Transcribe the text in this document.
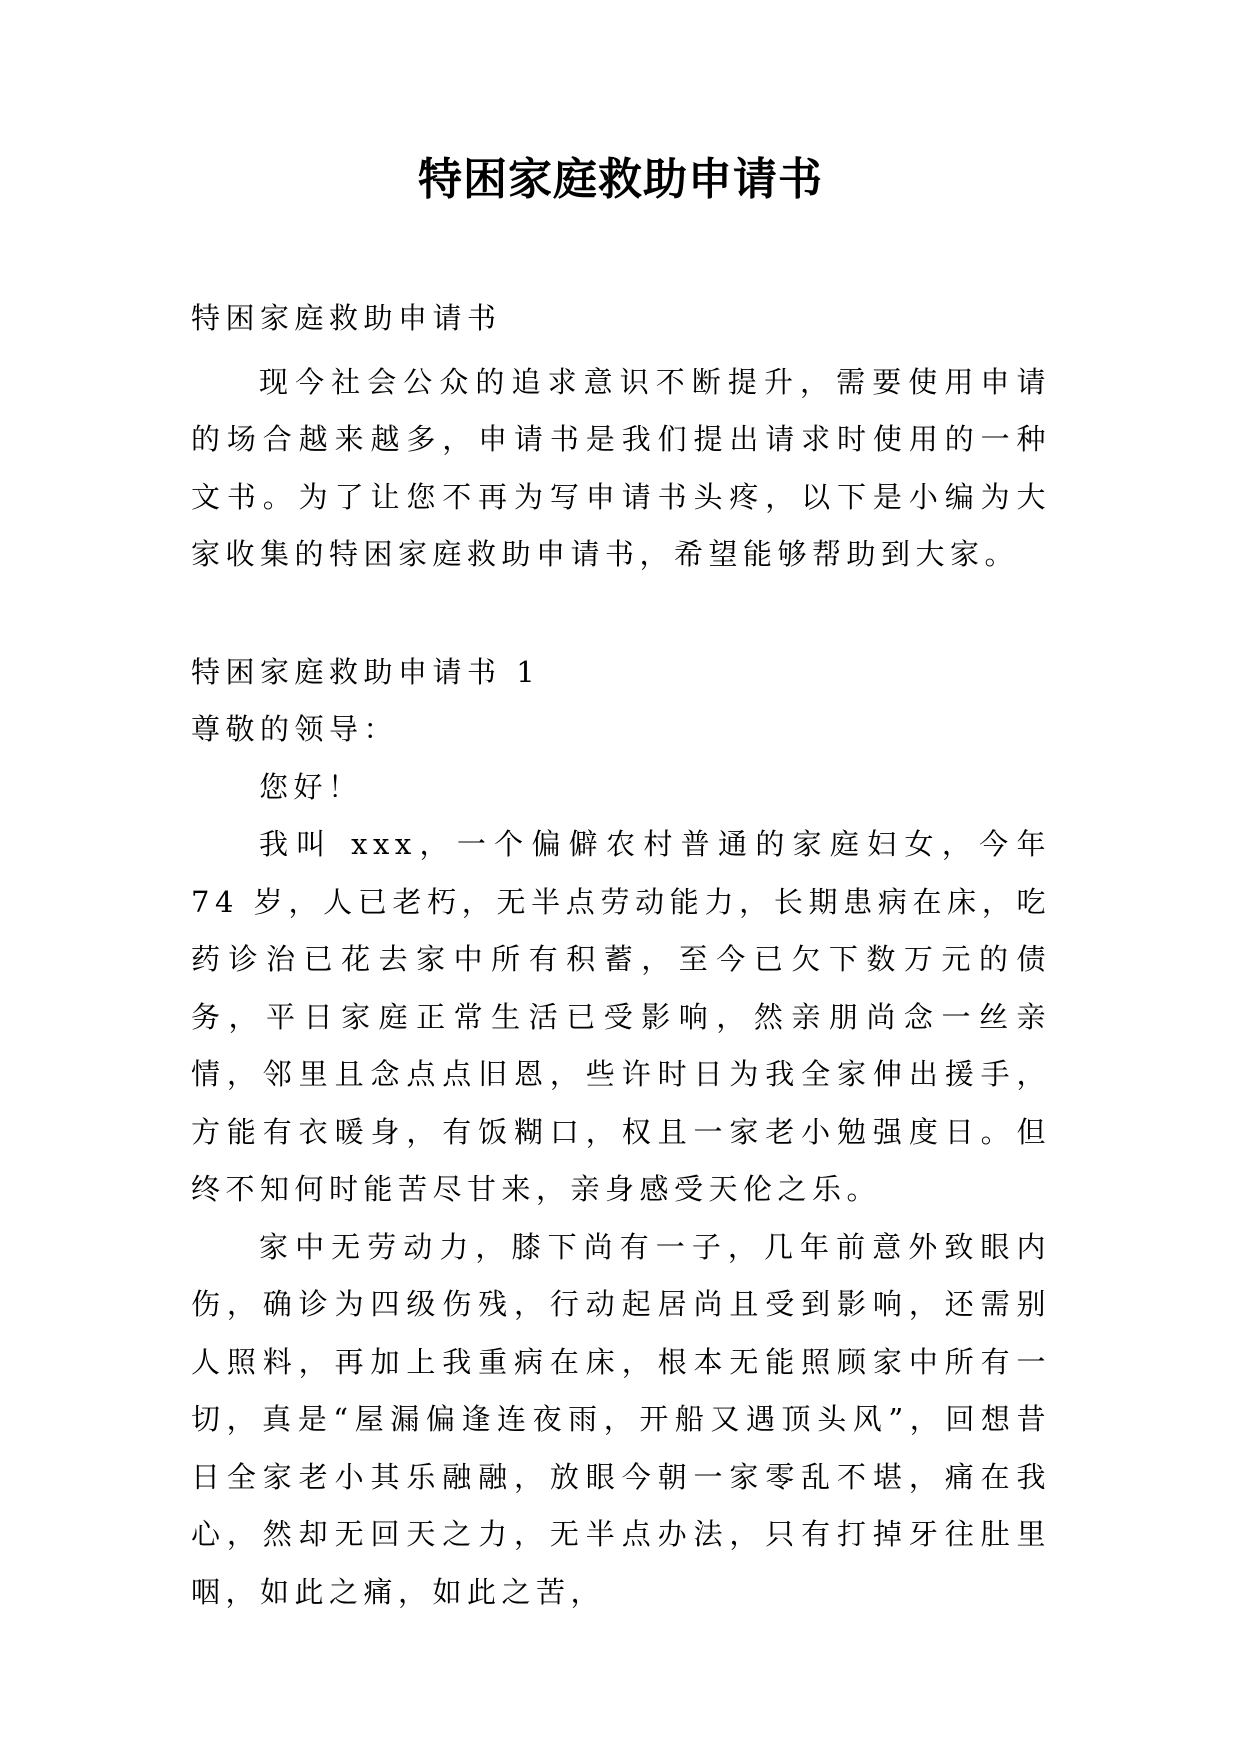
特困家庭救助申请书

特困家庭救助申请书

现今社会公众的追求意识不断提升，需要使用申请的场合越来越多，申请书是我们提出请求时使用的一种文书。为了让您不再为写申请书头疼，以下是小编为大家收集的特困家庭救助申请书，希望能够帮助到大家。

特困家庭救助申请书 1

尊敬的领导：

您好！

我叫 xxx，一个偏僻农村普通的家庭妇女，今年 74 岁，人已老朽，无半点劳动能力，长期患病在床，吃药诊治已花去家中所有积蓄，至今已欠下数万元的债务，平日家庭正常生活已受影响，然亲朋尚念一丝亲情，邻里且念点点旧恩，些许时日为我全家伸出援手，方能有衣暖身，有饭糊口，权且一家老小勉强度日。但终不知何时能苦尽甘来，亲身感受天伦之乐。

家中无劳动力，膝下尚有一子，几年前意外致眼内伤，确诊为四级伤残，行动起居尚且受到影响，还需别人照料，再加上我重病在床，根本无能照顾家中所有一切，真是“屋漏偏逢连夜雨，开船又遇顶头风”，回想昔日全家老小其乐融融，放眼今朝一家零乱不堪，痛在我心，然却无回天之力，无半点办法，只有打掉牙往肚里咽，如此之痛，如此之苦，
